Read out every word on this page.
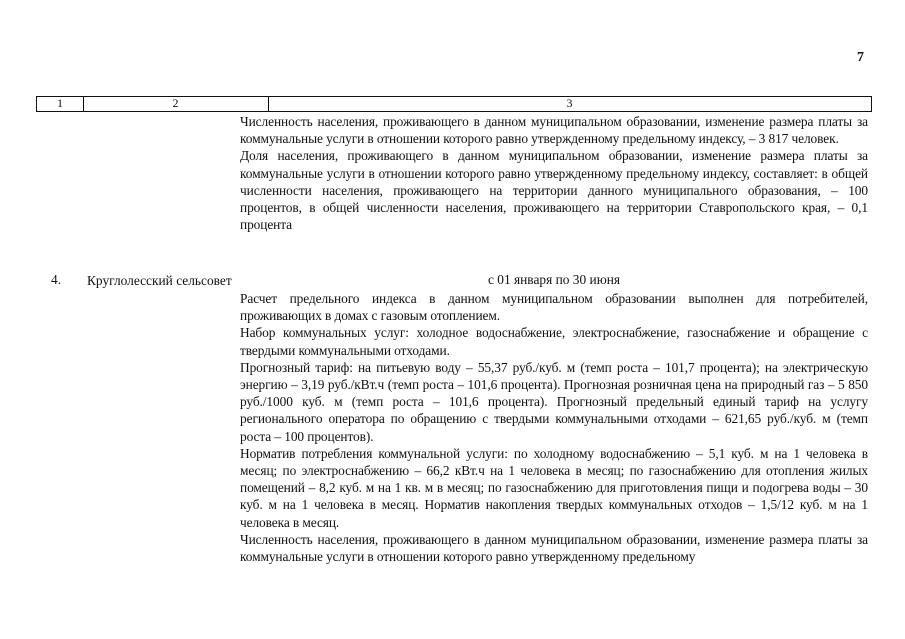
7
1	2	3

Численность населения, проживающего в данном муниципальном образовании, изменение размера платы за коммунальные услуги в отношении которого равно утвержденному предельному индексу, – 3 817 человек.

Доля населения, проживающего в данном муниципальном образовании, изменение размера платы за коммунальные услуги в отношении которого равно утвержденному предельному индексу, составляет: в общей численности населения, проживающего на территории данного муниципального образования, – 100 процентов, в общей численности населения, проживающего на территории Ставропольского края, – 0,1 процента

4. Круглолесский сельсовет	с 01 января по 30 июня

Расчет предельного индекса в данном муниципальном образовании выполнен для потребителей, проживающих в домах с газовым отоплением.

Набор коммунальных услуг: холодное водоснабжение, электроснабжение, газоснабжение и обращение с твердыми коммунальными отходами.

Прогнозный тариф: на питьевую воду – 55,37 руб./куб. м (темп роста – 101,7 процента); на электрическую энергию – 3,19 руб./кВт.ч (темп роста – 101,6 процента). Прогнозная розничная цена на природный газ – 5 850 руб./1000 куб. м (темп роста – 101,6 процента). Прогнозный предельный единый тариф на услугу регионального оператора по обращению с твердыми коммунальными отходами – 621,65 руб./куб. м (темп роста – 100 процентов).

Норматив потребления коммунальной услуги: по холодному водоснабжению – 5,1 куб. м на 1 человека в месяц; по электроснабжению – 66,2 кВт.ч на 1 человека в месяц; по газоснабжению для отопления жилых помещений – 8,2 куб. м на 1 кв. м в месяц; по газоснабжению для приготовления пищи и подогрева воды – 30 куб. м на 1 человека в месяц. Норматив накопления твердых коммунальных отходов – 1,5/12 куб. м на 1 человека в месяц.

Численность населения, проживающего в данном муниципальном образовании, изменение размера платы за коммунальные услуги в отношении которого равно утвержденному предельному
